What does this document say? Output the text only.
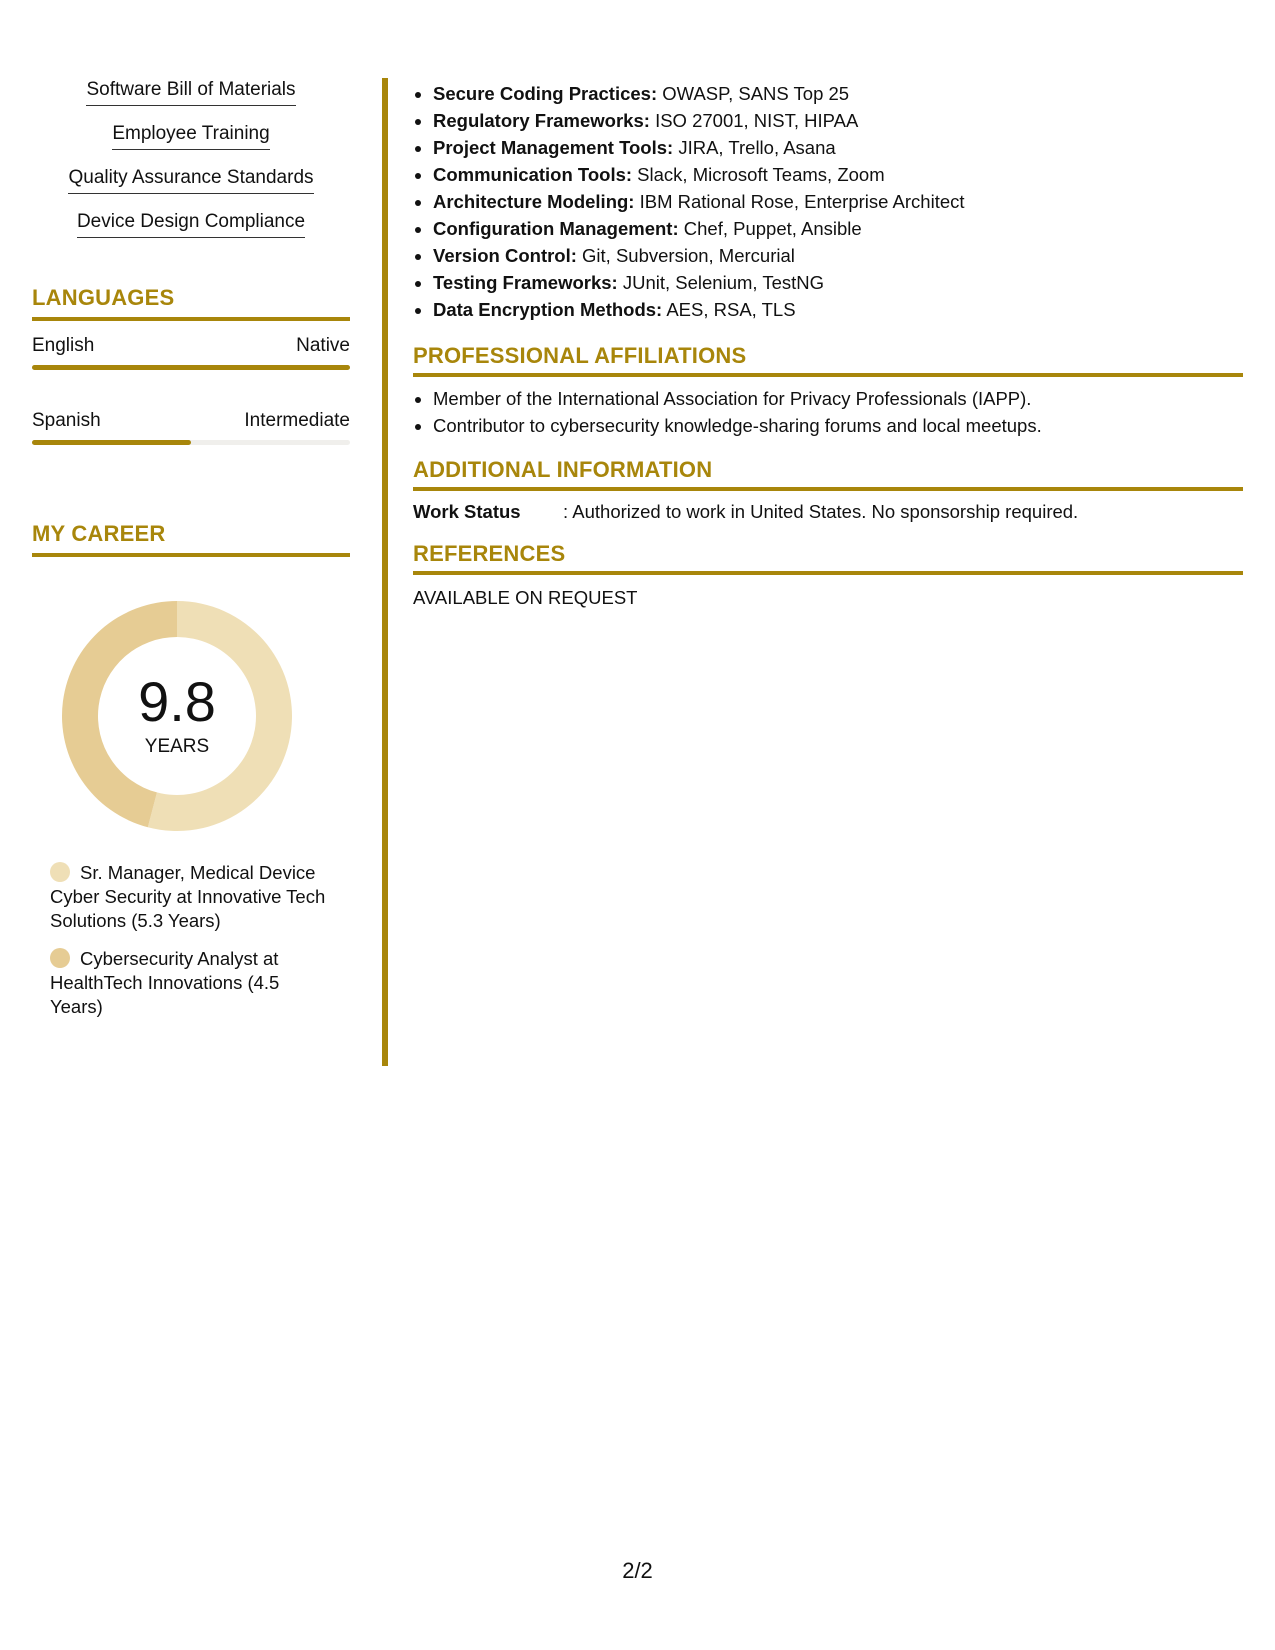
Software Bill of Materials
Employee Training
Quality Assurance Standards
Device Design Compliance
LANGUAGES
English	Native
Spanish	Intermediate
MY CAREER
9.8
YEARS
Sr. Manager, Medical Device Cyber Security at Innovative Tech Solutions (5.3 Years)
Cybersecurity Analyst at HealthTech Innovations (4.5 Years)
• Secure Coding Practices: OWASP, SANS Top 25
• Regulatory Frameworks: ISO 27001, NIST, HIPAA
• Project Management Tools: JIRA, Trello, Asana
• Communication Tools: Slack, Microsoft Teams, Zoom
• Architecture Modeling: IBM Rational Rose, Enterprise Architect
• Configuration Management: Chef, Puppet, Ansible
• Version Control: Git, Subversion, Mercurial
• Testing Frameworks: JUnit, Selenium, TestNG
• Data Encryption Methods: AES, RSA, TLS
PROFESSIONAL AFFILIATIONS
• Member of the International Association for Privacy Professionals (IAPP).
• Contributor to cybersecurity knowledge-sharing forums and local meetups.
ADDITIONAL INFORMATION
Work Status	: Authorized to work in United States. No sponsorship required.
REFERENCES
AVAILABLE ON REQUEST
2/2
